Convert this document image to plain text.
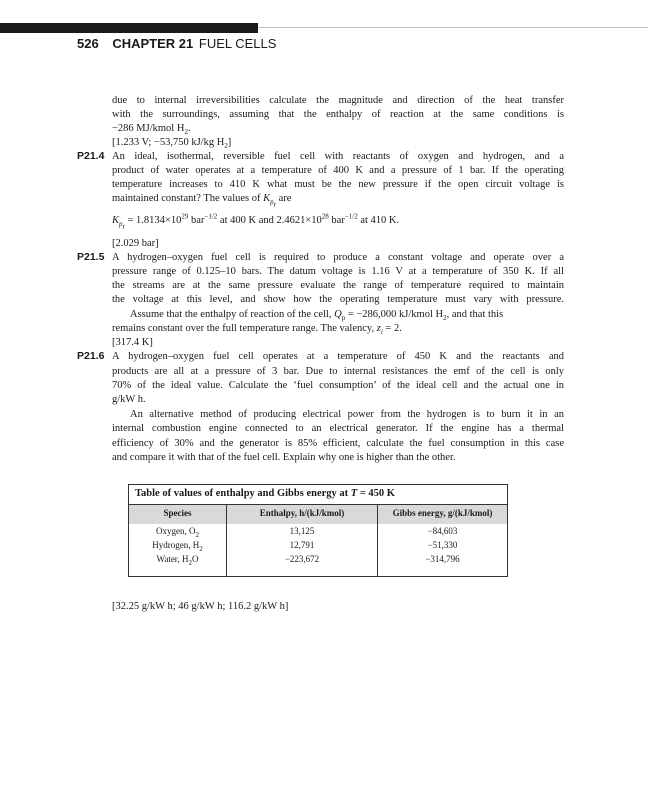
526 CHAPTER 21 FUEL CELLS
due to internal irreversibilities calculate the magnitude and direction of the heat transfer
with the surroundings, assuming that the enthalpy of reaction at the same conditions is
−286 MJ/kmol $H_2$.
[1.233 V; −53,750 kJ/kg $H_2$]
P21.4 An ideal, isothermal, reversible fuel cell with reactants of oxygen and hydrogen, and a
product of water operates at a temperature of 400 K and a pressure of 1 bar. If the operating
temperature increases to 410 K what must be the new pressure if the open circuit voltage is
maintained constant? The values of $K_{p_r}$ are
$K_{p_r} = 1.8134\times 10^{29}$ bar$^{-1/2}$ at 400 K and $2.4621\times 10^{28}$ bar$^{-1/2}$ at 410 K.
[2.029 bar]
P21.5 A hydrogen–oxygen fuel cell is required to produce a constant voltage and operate over a
pressure range of 0.125–10 bars. The datum voltage is 1.16 V at a temperature of 350 K. If all
the streams are at the same pressure evaluate the range of temperature required to maintain
the voltage at this level, and show how the operating temperature must vary with pressure.
Assume that the enthalpy of reaction of the cell, $Q_p = -286,000$ kJ/kmol $H_2$, and that this
remains constant over the full temperature range. The valency, $z_i = 2$.
[317.4 K]
P21.6 A hydrogen–oxygen fuel cell operates at a temperature of 450 K and the reactants and
products are all at a pressure of 3 bar. Due to internal resistances the emf of the cell is only
70% of the ideal value. Calculate the ‘fuel consumption’ of the ideal cell and the actual one in
g/kW h.
An alternative method of producing electrical power from the hydrogen is to burn it in an
internal combustion engine connected to an electrical generator. If the engine has a thermal
efficiency of 30% and the generator is 85% efficient, calculate the fuel consumption in this case
and compare it with that of the fuel cell. Explain why one is higher than the other.
Table of values of enthalpy and Gibbs energy at T = 450 K
Species	Enthalpy, h/(kJ/kmol)	Gibbs energy, g/(kJ/kmol)
Oxygen, $O_2$	13,125	−84,603
Hydrogen, $H_2$	12,791	−51,330
Water, $H_2O$	−223,672	−314,796
[32.25 g/kW h; 46 g/kW h; 116.2 g/kW h]
